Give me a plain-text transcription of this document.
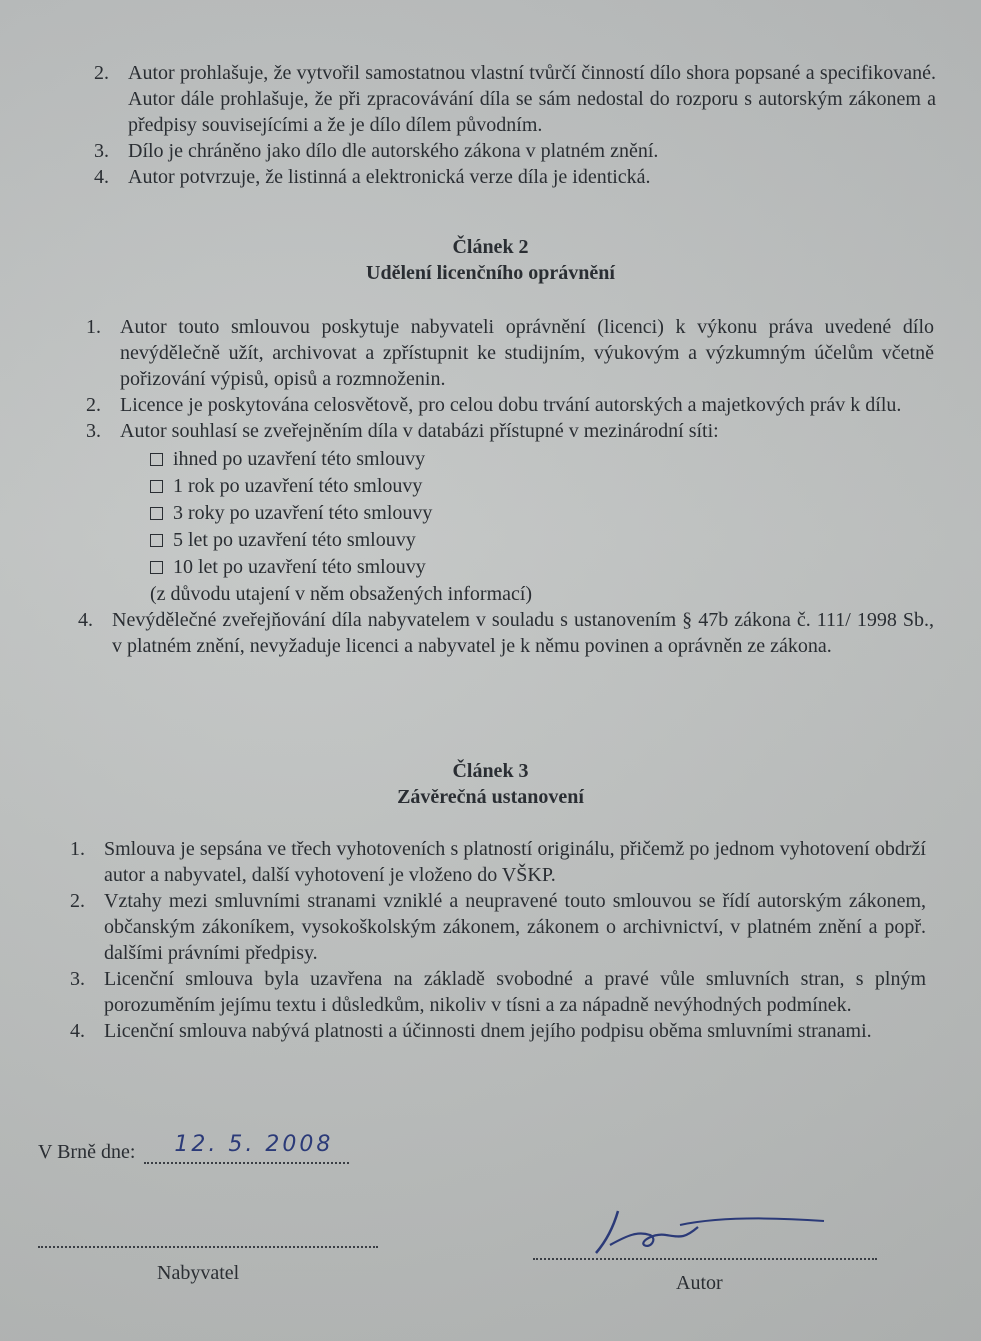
2. Autor prohlašuje, že vytvořil samostatnou vlastní tvůrčí činností dílo shora popsané a specifikované. Autor dále prohlašuje, že při zpracovávání díla se sám nedostal do rozporu s autorským zákonem a předpisy souvisejícími a že je dílo dílem původním.
3. Dílo je chráněno jako dílo dle autorského zákona v platném znění.
4. Autor potvrzuje, že listinná a elektronická verze díla je identická.
Článek 2
Udělení licenčního oprávnění
1. Autor touto smlouvou poskytuje nabyvateli oprávnění (licenci) k výkonu práva uvedené dílo nevýdělečně užít, archivovat a zpřístupnit ke studijním, výukovým a výzkumným účelům včetně pořizování výpisů, opisů a rozmnoženin.
2. Licence je poskytována celosvětově, pro celou dobu trvání autorských a majetkových práv k dílu.
3. Autor souhlasí se zveřejněním díla v databázi přístupné v mezinárodní síti:
ihned po uzavření této smlouvy
1 rok po uzavření této smlouvy
3 roky po uzavření této smlouvy
5 let po uzavření této smlouvy
10 let po uzavření této smlouvy
(z důvodu utajení v něm obsažených informací)
4. Nevýdělečné zveřejňování díla nabyvatelem v souladu s ustanovením § 47b zákona č. 111/ 1998 Sb., v platném znění, nevyžaduje licenci a nabyvatel je k němu povinen a oprávněn ze zákona.
Článek 3
Závěrečná ustanovení
1. Smlouva je sepsána ve třech vyhotoveních s platností originálu, přičemž po jednom vyhotovení obdrží autor a nabyvatel, další vyhotovení je vloženo do VŠKP.
2. Vztahy mezi smluvními stranami vzniklé a neupravené touto smlouvou se řídí autorským zákonem, občanským zákoníkem, vysokoškolským zákonem, zákonem o archivnictví, v platném znění a popř. dalšími právními předpisy.
3. Licenční smlouva byla uzavřena na základě svobodné a pravé vůle smluvních stran, s plným porozuměním jejímu textu i důsledkům, nikoliv v tísni a za nápadně nevýhodných podmínek.
4. Licenční smlouva nabývá platnosti a účinnosti dnem jejího podpisu oběma smluvními stranami.
V Brně dne: 12. 5. 2008
Nabyvatel	Autor
